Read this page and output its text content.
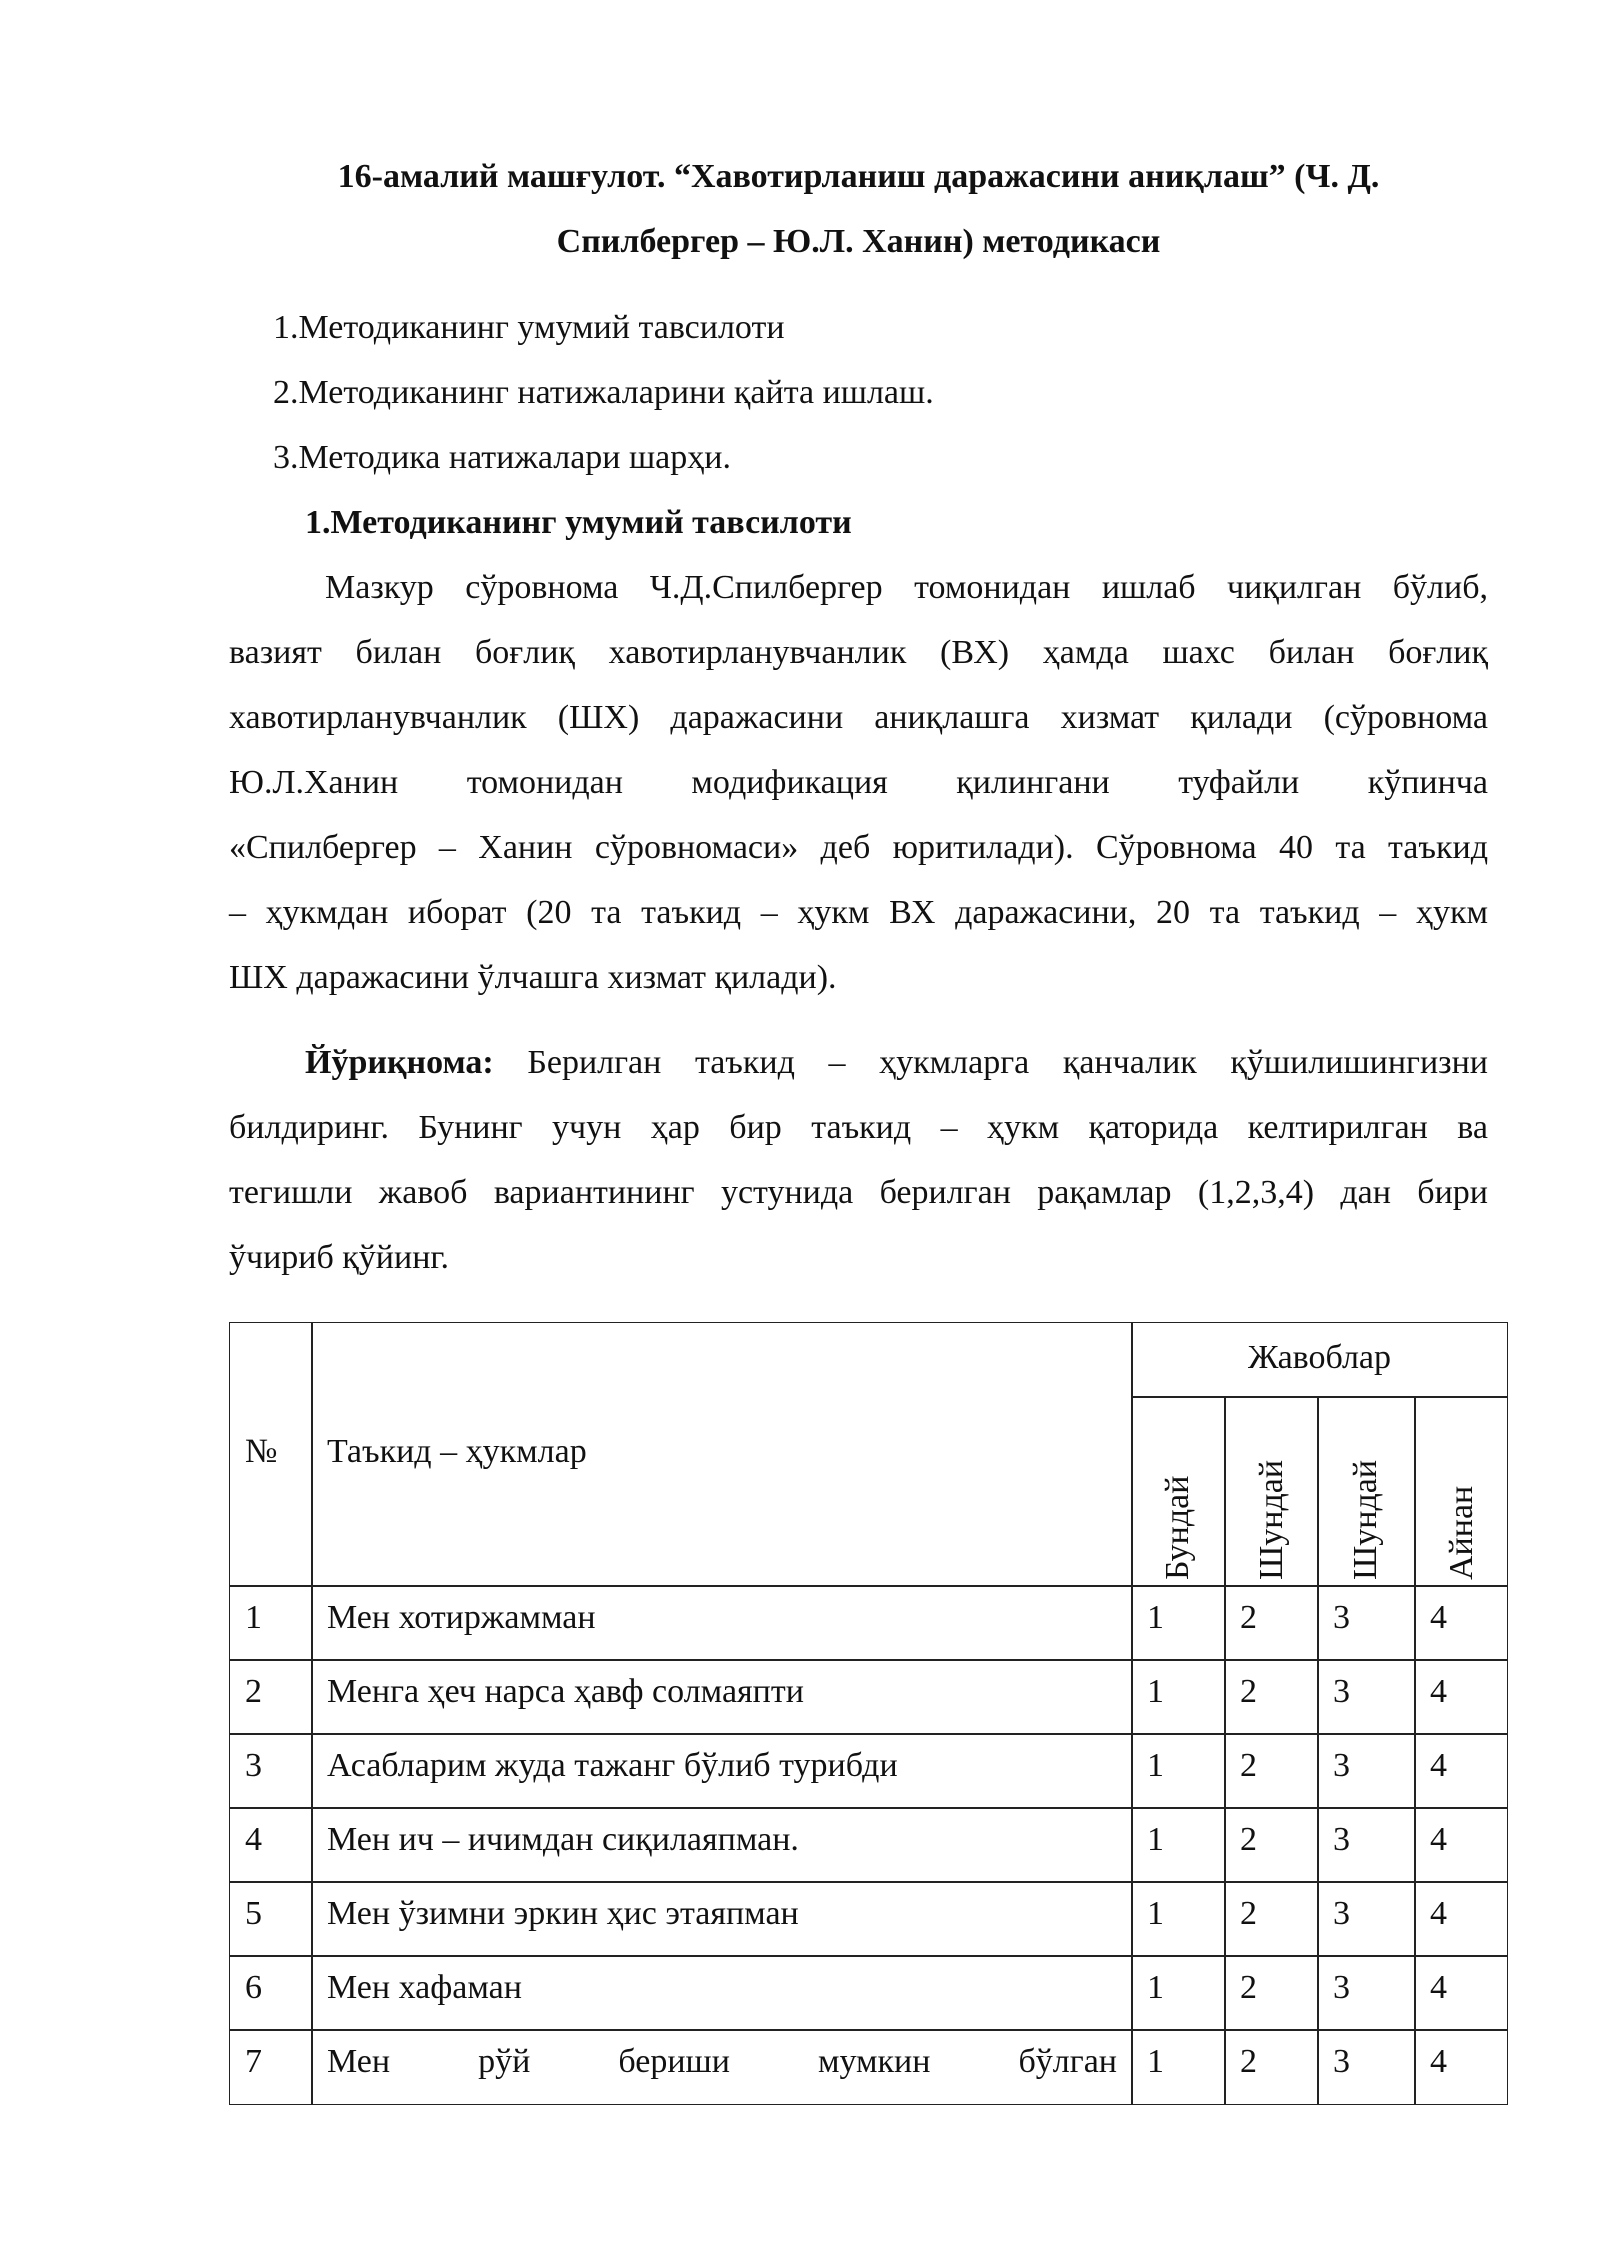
16-амалий машғулот. “Хавотирланиш даражасини аниқлаш” (Ч. Д.
Спилбергер – Ю.Л. Ханин) методикаси
1.Методиканинг умумий тавсилоти
2.Методиканинг натижаларини қайта ишлаш.
3.Методика натижалари шарҳи.
1.Методиканинг умумий тавсилоти
Мазкур сўровнома Ч.Д.Спилбергер томонидан ишлаб чиқилган бўлиб,
вазият билан боғлиқ хавотирланувчанлик (ВХ) ҳамда шахс билан боғлиқ
хавотирланувчанлик (ШХ) даражасини аниқлашга хизмат қилади (сўровнома
Ю.Л.Ханин томонидан модификация қилингани туфайли кўпинча
«Спилбергер – Ханин сўровномаси» деб юритилади). Сўровнома 40 та таъкид
– ҳукмдан иборат (20 та таъкид – ҳукм ВХ даражасини, 20 та таъкид – ҳукм
ШХ даражасини ўлчашга хизмат қилади).
Йўриқнома: Берилган таъкид – ҳукмларга қанчалик қўшилишингизни
билдиринг. Бунинг учун ҳар бир таъкид – ҳукм қаторида келтирилган ва
тегишли жавоб вариантининг устунида берилган рақамлар (1,2,3,4) дан бири
ўчириб қўйинг.
№ Таъкид – ҳукмлар
Жавоблар
Бундай Шундай Шундай Айнан
1 Мен хотиржамман	1 2 3 4
2 Менга ҳеч нарса ҳавф солмаяпти	1 2 3 4
3 Асабларим жуда тажанг бўлиб турибди	1 2 3 4
4 Мен ич – ичимдан сиқилаяпман.	1 2 3 4
5 Мен ўзимни эркин ҳис этаяпман	1 2 3 4
6 Мен хафаман	1 2 3 4
7 Мен рўй бериши мумкин бўлган 1 2 3 4
